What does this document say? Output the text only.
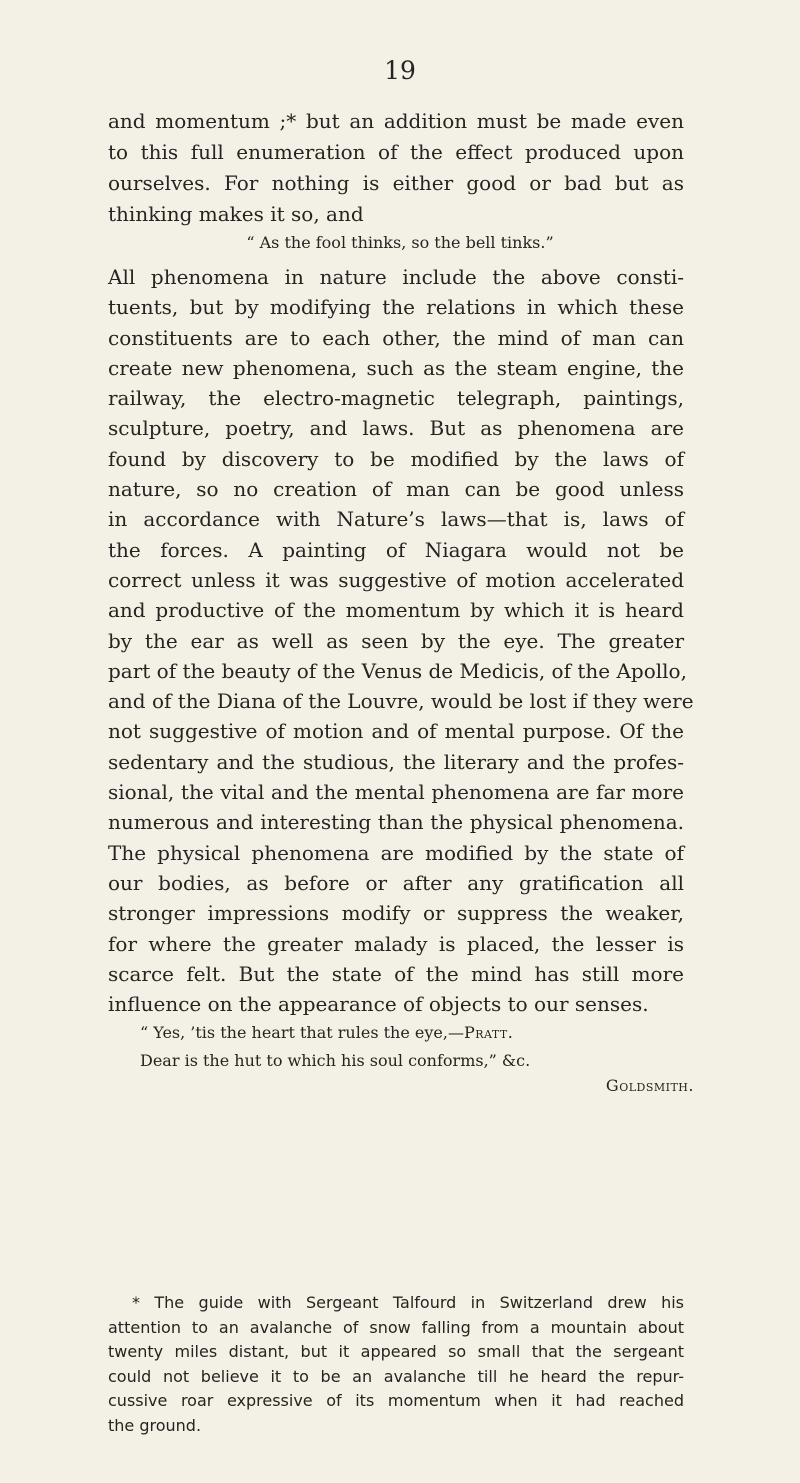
19
and momentum ;* but an addition must be made even
to this full enumeration of the effect produced upon
ourselves. For nothing is either good or bad but as
thinking makes it so, and
“ As the fool thinks, so the bell tinks.”
All phenomena in nature include the above consti-
tuents, but by modifying the relations in which these
constituents are to each other, the mind of man can
create new phenomena, such as the steam engine, the
railway, the electro-magnetic telegraph, paintings,
sculpture, poetry, and laws. But as phenomena are
found by discovery to be modified by the laws of
nature, so no creation of man can be good unless
in accordance with Nature’s laws—that is, laws of
the forces. A painting of Niagara would not be
correct unless it was suggestive of motion accelerated
and productive of the momentum by which it is heard
by the ear as well as seen by the eye. The greater
part of the beauty of the Venus de Medicis, of the Apollo,
and of the Diana of the Louvre, would be lost if they were
not suggestive of motion and of mental purpose. Of the
sedentary and the studious, the literary and the profes-
sional, the vital and the mental phenomena are far more
numerous and interesting than the physical phenomena.
The physical phenomena are modified by the state of
our bodies, as before or after any gratification all
stronger impressions modify or suppress the weaker,
for where the greater malady is placed, the lesser is
scarce felt. But the state of the mind has still more
influence on the appearance of objects to our senses.
“ Yes, ’tis the heart that rules the eye,—Pratt.
Dear is the hut to which his soul conforms,” &c.
Goldsmith.
* The guide with Sergeant Talfourd in Switzerland drew his
attention to an avalanche of snow falling from a mountain about
twenty miles distant, but it appeared so small that the sergeant
could not believe it to be an avalanche till he heard the repur-
cussive roar expressive of its momentum when it had reached
the ground.
